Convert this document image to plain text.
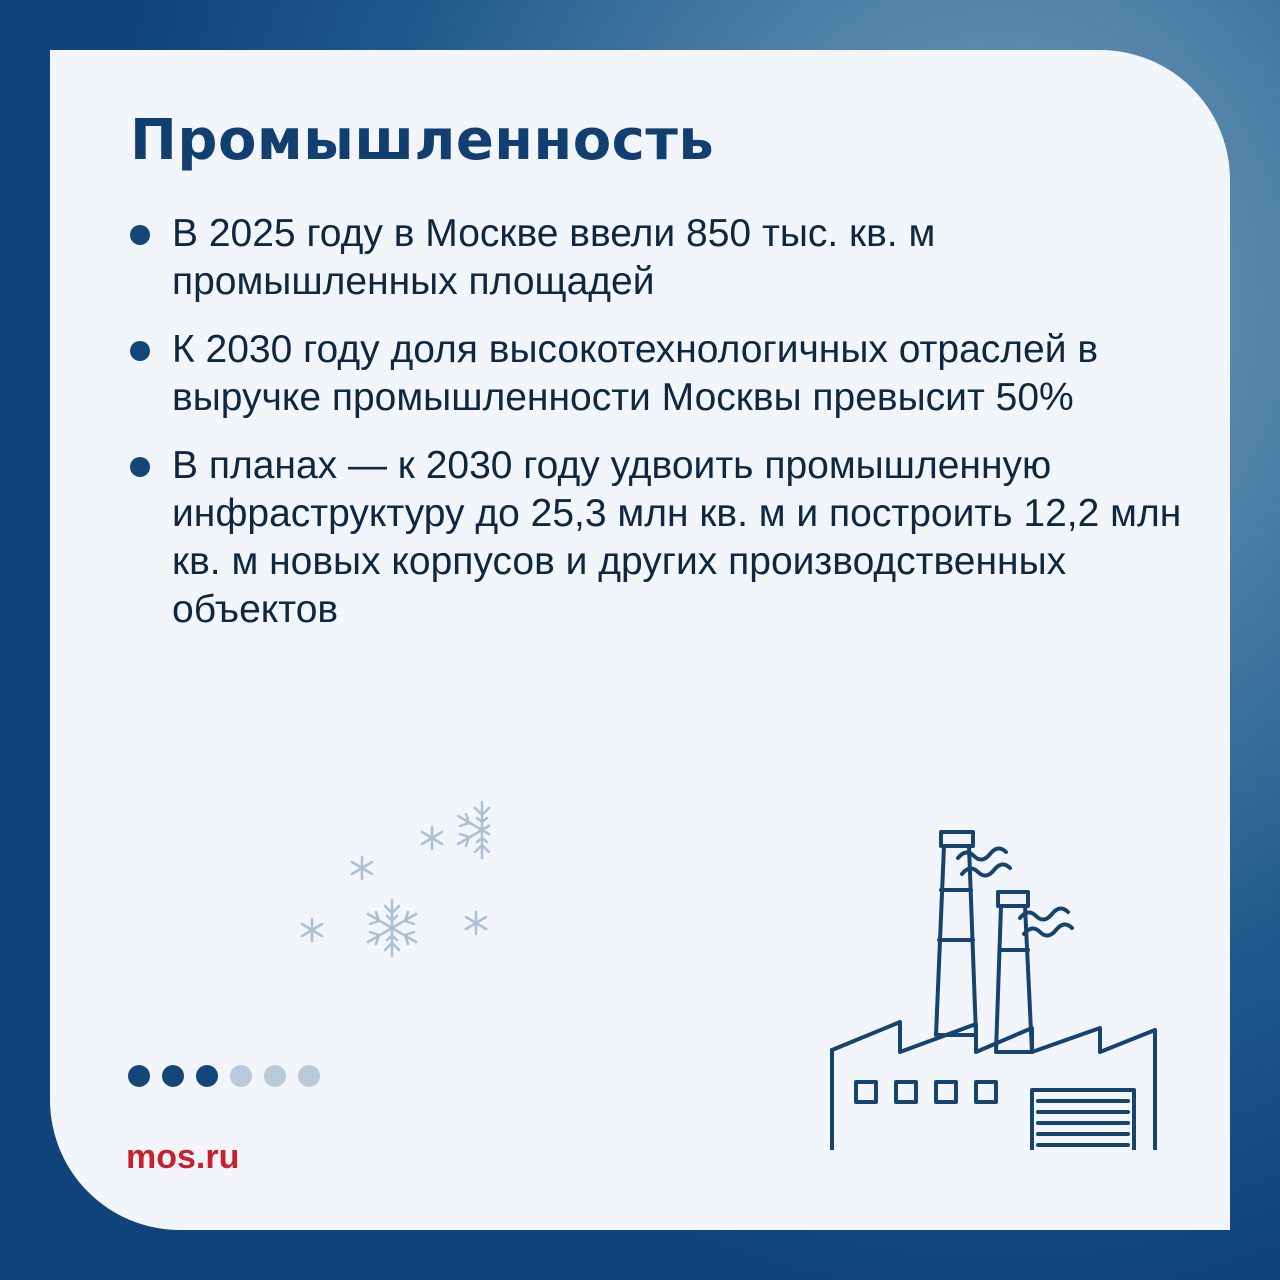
Промышленность
В 2025 году в Москве ввели 850 тыс. кв. м промышленных площадей
К 2030 году доля высокотехнологичных отраслей в выручке промышленности Москвы превысит 50%
В планах — к 2030 году удвоить промышленную инфраструктуру до 25,3 млн кв. м и построить 12,2 млн кв. м новых корпусов и других производственных объектов
mos.ru
